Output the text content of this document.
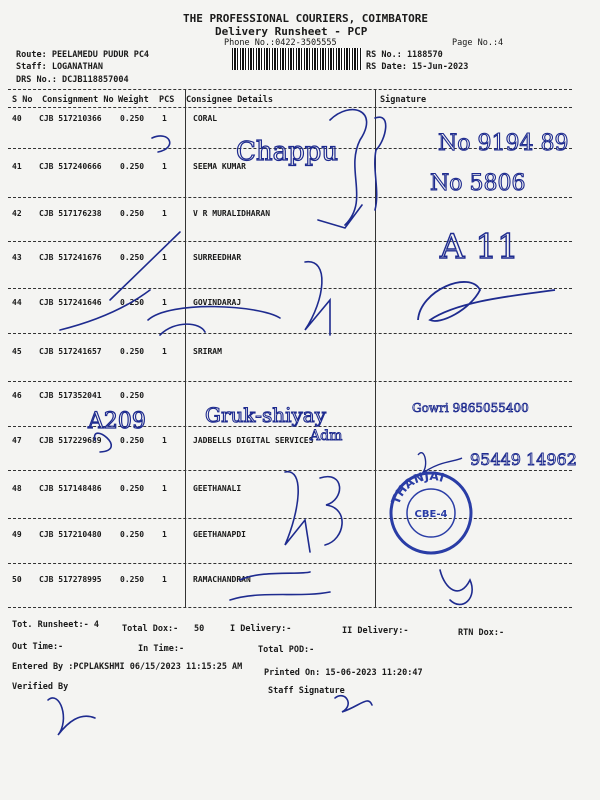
THE PROFESSIONAL COURIERS, COIMBATORE
Delivery Runsheet - PCP
Phone No.:0422-3505555	Page No.:4
Route: PEELAMEDU PUDUR PC4
Staff: LOGANATHAN
DRS No.: DCJB118857004
RS No.: 1188570
RS Date: 15-Jun-2023
S No Consignment No Weight PCS Consignee Details	Signature
40 CJB 517210366 0.250 1	CORAL
41 CJB 517240666 0.250 1	SEEMA KUMAR
42 CJB 517176238 0.250 1	V R MURALIDHARAN
43 CJB 517241676 0.250 1	SURREEDHAR
44 CJB 517241646 0.250 1	GOVINDARAJ
45 CJB 517241657 0.250 1	SRIRAM
46 CJB 517352041 0.250
47 CJB 517229689 0.250 1	JADBELLS DIGITAL SERVICES
48 CJB 517148486 0.250 1	GEETHANALI
49 CJB 517210480 0.250 1	GEETHANAPDI
50 CJB 517278995 0.250 1	RAMACHANDRAN
Tot. Runsheet:- 4	Total Dox:- 50	I Delivery:-	II Delivery:-	RTN Dox:-
Out Time:-	In Time:-	Total POD:-
Entered By :PCPLAKSHMI 06/15/2023 11:15:25 AM
Printed On: 15-06-2023 11:20:47
Verified By	Staff Signature
Chappu	No 9194 89
No 5806
A 11
A209	Gruk-shiyay
Adm
Gowri 9865055400
95449 14962
THANJAI
CBE-4
